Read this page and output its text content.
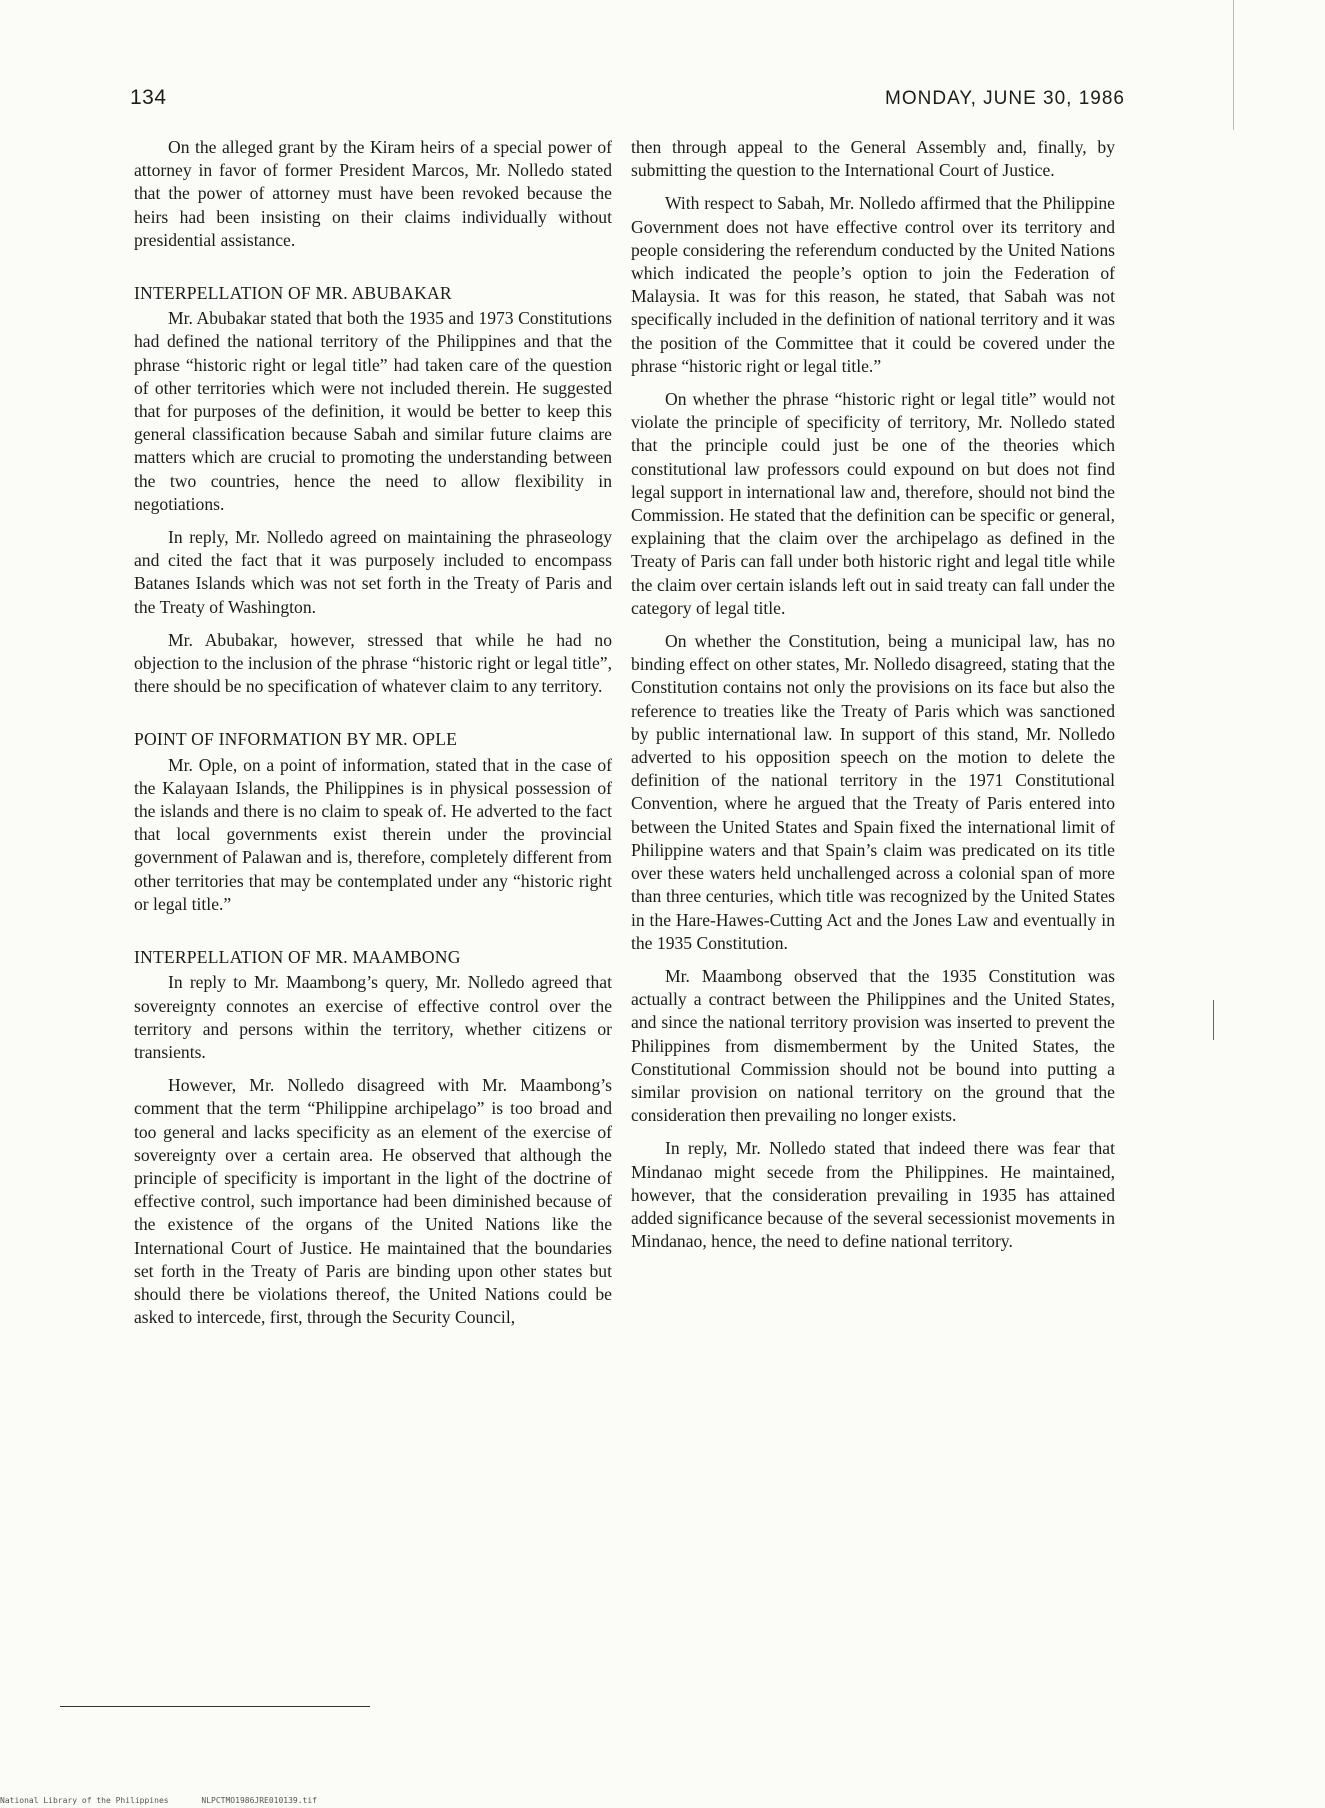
134	MONDAY, JUNE 30, 1986

On the alleged grant by the Kiram heirs of a special power of attorney in favor of former President Marcos, Mr. Nolledo stated that the power of attorney must have been revoked because the heirs had been insisting on their claims individually without presidential assistance.

INTERPELLATION OF MR. ABUBAKAR

Mr. Abubakar stated that both the 1935 and 1973 Constitutions had defined the national territory of the Philippines and that the phrase “historic right or legal title” had taken care of the question of other territories which were not included therein. He suggested that for purposes of the definition, it would be better to keep this general classification because Sabah and similar future claims are matters which are crucial to promoting the understanding between the two countries, hence the need to allow flexibility in negotiations.

In reply, Mr. Nolledo agreed on maintaining the phraseology and cited the fact that it was purposely included to encompass Batanes Islands which was not set forth in the Treaty of Paris and the Treaty of Washington.

Mr. Abubakar, however, stressed that while he had no objection to the inclusion of the phrase “historic right or legal title”, there should be no specification of whatever claim to any territory.

POINT OF INFORMATION BY MR. OPLE

Mr. Ople, on a point of information, stated that in the case of the Kalayaan Islands, the Philippines is in physical possession of the islands and there is no claim to speak of. He adverted to the fact that local governments exist therein under the provincial government of Palawan and is, therefore, completely different from other territories that may be contemplated under any “historic right or legal title.”

INTERPELLATION OF MR. MAAMBONG

In reply to Mr. Maambong’s query, Mr. Nolledo agreed that sovereignty connotes an exercise of effective control over the territory and persons within the territory, whether citizens or transients.

However, Mr. Nolledo disagreed with Mr. Maambong’s comment that the term “Philippine archipelago” is too broad and too general and lacks specificity as an element of the exercise of sovereignty over a certain area. He observed that although the principle of specificity is important in the light of the doctrine of effective control, such importance had been diminished because of the existence of the organs of the United Nations like the International Court of Justice. He maintained that the boundaries set forth in the Treaty of Paris are binding upon other states but should there be violations thereof, the United Nations could be asked to intercede, first, through the Security Council,

then through appeal to the General Assembly and, finally, by submitting the question to the International Court of Justice.

With respect to Sabah, Mr. Nolledo affirmed that the Philippine Government does not have effective control over its territory and people considering the referendum conducted by the United Nations which indicated the people’s option to join the Federation of Malaysia. It was for this reason, he stated, that Sabah was not specifically included in the definition of national territory and it was the position of the Committee that it could be covered under the phrase “historic right or legal title.”

On whether the phrase “historic right or legal title” would not violate the principle of specificity of territory, Mr. Nolledo stated that the principle could just be one of the theories which constitutional law professors could expound on but does not find legal support in international law and, therefore, should not bind the Commission. He stated that the definition can be specific or general, explaining that the claim over the archipelago as defined in the Treaty of Paris can fall under both historic right and legal title while the claim over certain islands left out in said treaty can fall under the category of legal title.

On whether the Constitution, being a municipal law, has no binding effect on other states, Mr. Nolledo disagreed, stating that the Constitution contains not only the provisions on its face but also the reference to treaties like the Treaty of Paris which was sanctioned by public international law. In support of this stand, Mr. Nolledo adverted to his opposition speech on the motion to delete the definition of the national territory in the 1971 Constitutional Convention, where he argued that the Treaty of Paris entered into between the United States and Spain fixed the international limit of Philippine waters and that Spain’s claim was predicated on its title over these waters held unchallenged across a colonial span of more than three centuries, which title was recognized by the United States in the Hare-Hawes-Cutting Act and the Jones Law and eventually in the 1935 Constitution.

Mr. Maambong observed that the 1935 Constitution was actually a contract between the Philippines and the United States, and since the national territory provision was inserted to prevent the Philippines from dismemberment by the United States, the Constitutional Commission should not be bound into putting a similar provision on national territory on the ground that the consideration then prevailing no longer exists.

In reply, Mr. Nolledo stated that indeed there was fear that Mindanao might secede from the Philippines. He maintained, however, that the consideration prevailing in 1935 has attained added significance because of the several secessionist movements in Mindanao, hence, the need to define national territory.

National Library of the Philippines	NLPCTMO1986JRE010139.tif
